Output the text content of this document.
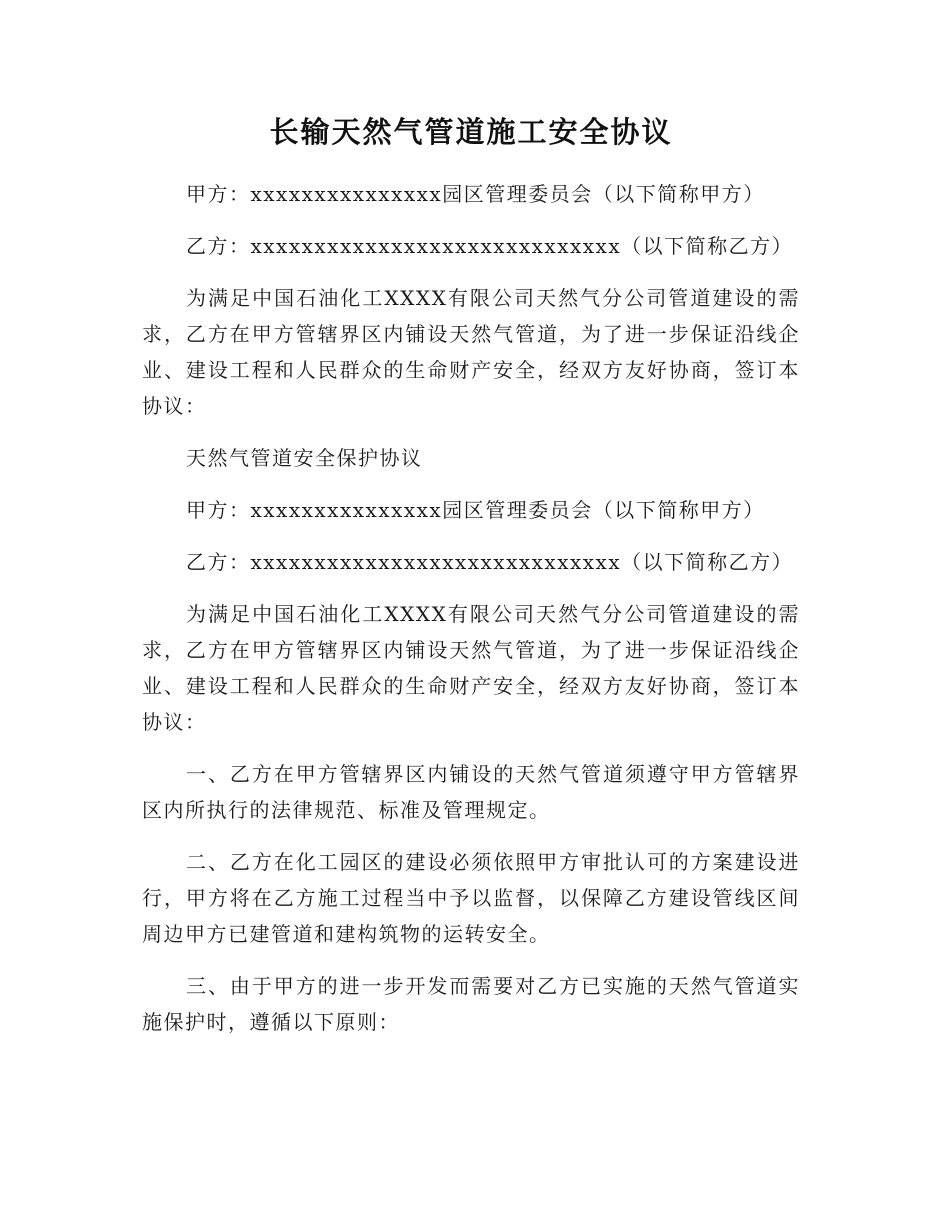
长输天然气管道施工安全协议

甲方：xxxxxxxxxxxxxxx园区管理委员会（以下简称甲方）

乙方：xxxxxxxxxxxxxxxxxxxxxxxxxxxxx（以下简称乙方）

为满足中国石油化工XXXX有限公司天然气分公司管道建设的需求，乙方在甲方管辖界区内铺设天然气管道，为了进一步保证沿线企业、建设工程和人民群众的生命财产安全，经双方友好协商，签订本协议：

天然气管道安全保护协议

甲方：xxxxxxxxxxxxxxx园区管理委员会（以下简称甲方）

乙方：xxxxxxxxxxxxxxxxxxxxxxxxxxxxx（以下简称乙方）

为满足中国石油化工XXXX有限公司天然气分公司管道建设的需求，乙方在甲方管辖界区内铺设天然气管道，为了进一步保证沿线企业、建设工程和人民群众的生命财产安全，经双方友好协商，签订本协议：

一、乙方在甲方管辖界区内铺设的天然气管道须遵守甲方管辖界区内所执行的法律规范、标准及管理规定。

二、乙方在化工园区的建设必须依照甲方审批认可的方案建设进行，甲方将在乙方施工过程当中予以监督，以保障乙方建设管线区间周边甲方已建管道和建构筑物的运转安全。

三、由于甲方的进一步开发而需要对乙方已实施的天然气管道实施保护时，遵循以下原则：
